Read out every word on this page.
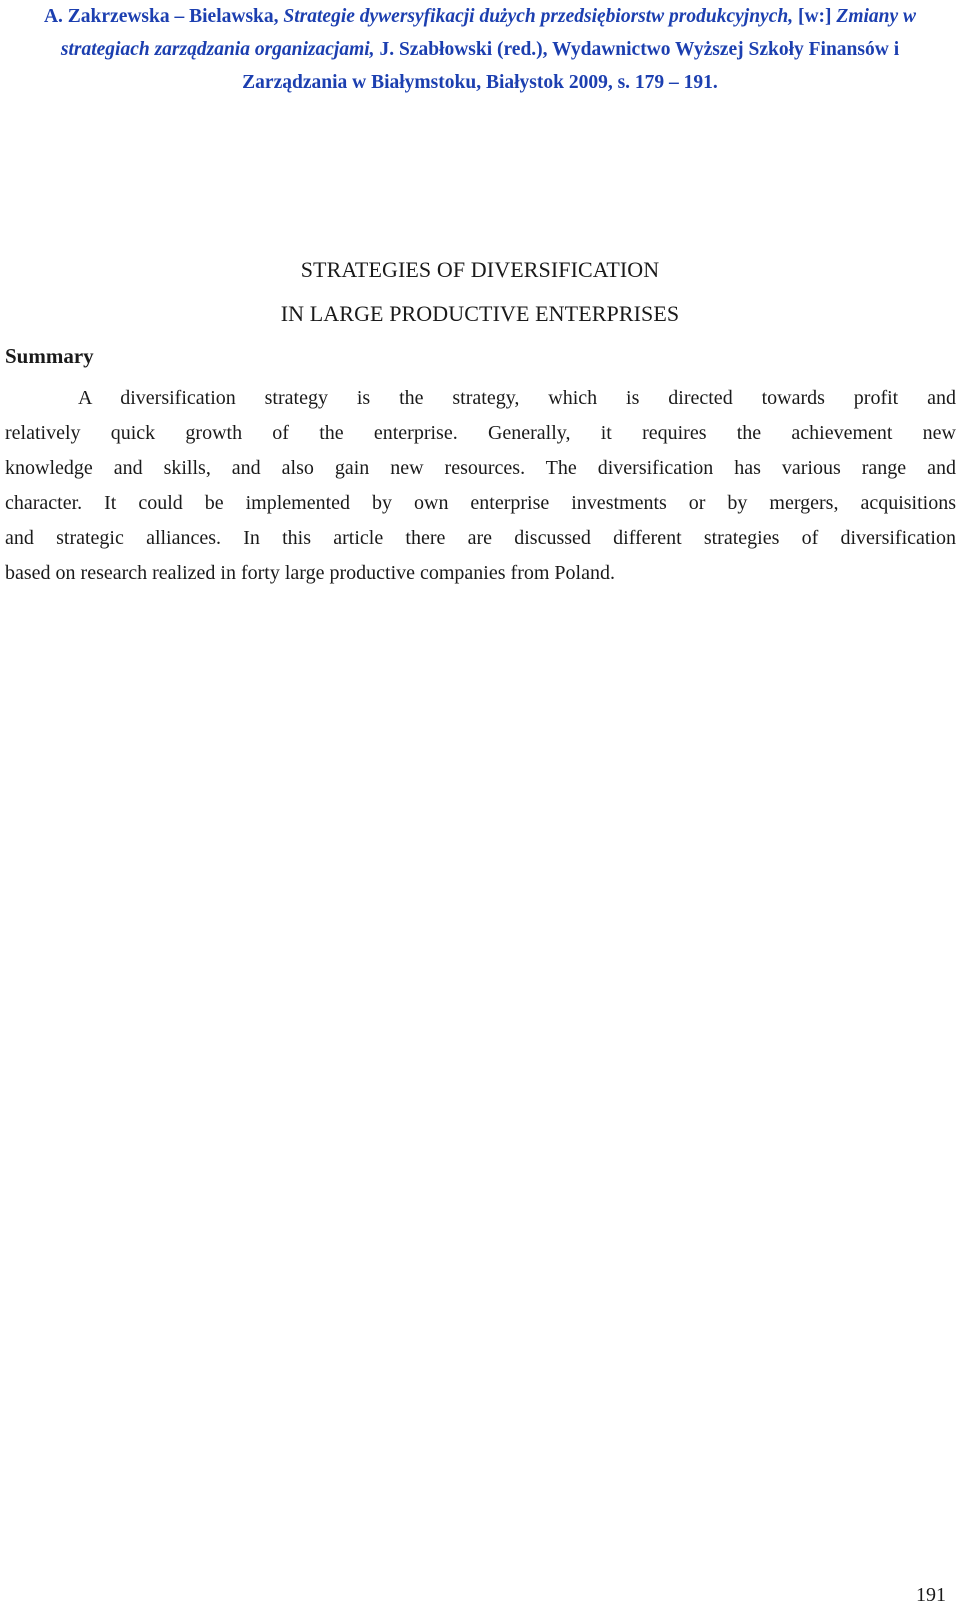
A. Zakrzewska – Bielawska, Strategie dywersyfikacji dużych przedsiębiorstw produkcyjnych, [w:] Zmiany w
strategiach zarządzania organizacjami, J. Szabłowski (red.), Wydawnictwo Wyższej Szkoły Finansów i
Zarządzania w Białymstoku, Białystok 2009, s. 179 – 191.
STRATEGIES OF DIVERSIFICATION
IN LARGE PRODUCTIVE ENTERPRISES
Summary
A diversification strategy is the strategy, which is directed towards profit and
relatively quick growth of the enterprise. Generally, it requires the achievement new
knowledge and skills, and also gain new resources. The diversification has various range and
character. It could be implemented by own enterprise investments or by mergers, acquisitions
and strategic alliances. In this article there are discussed different strategies of diversification
based on research realized in forty large productive companies from Poland.
191
